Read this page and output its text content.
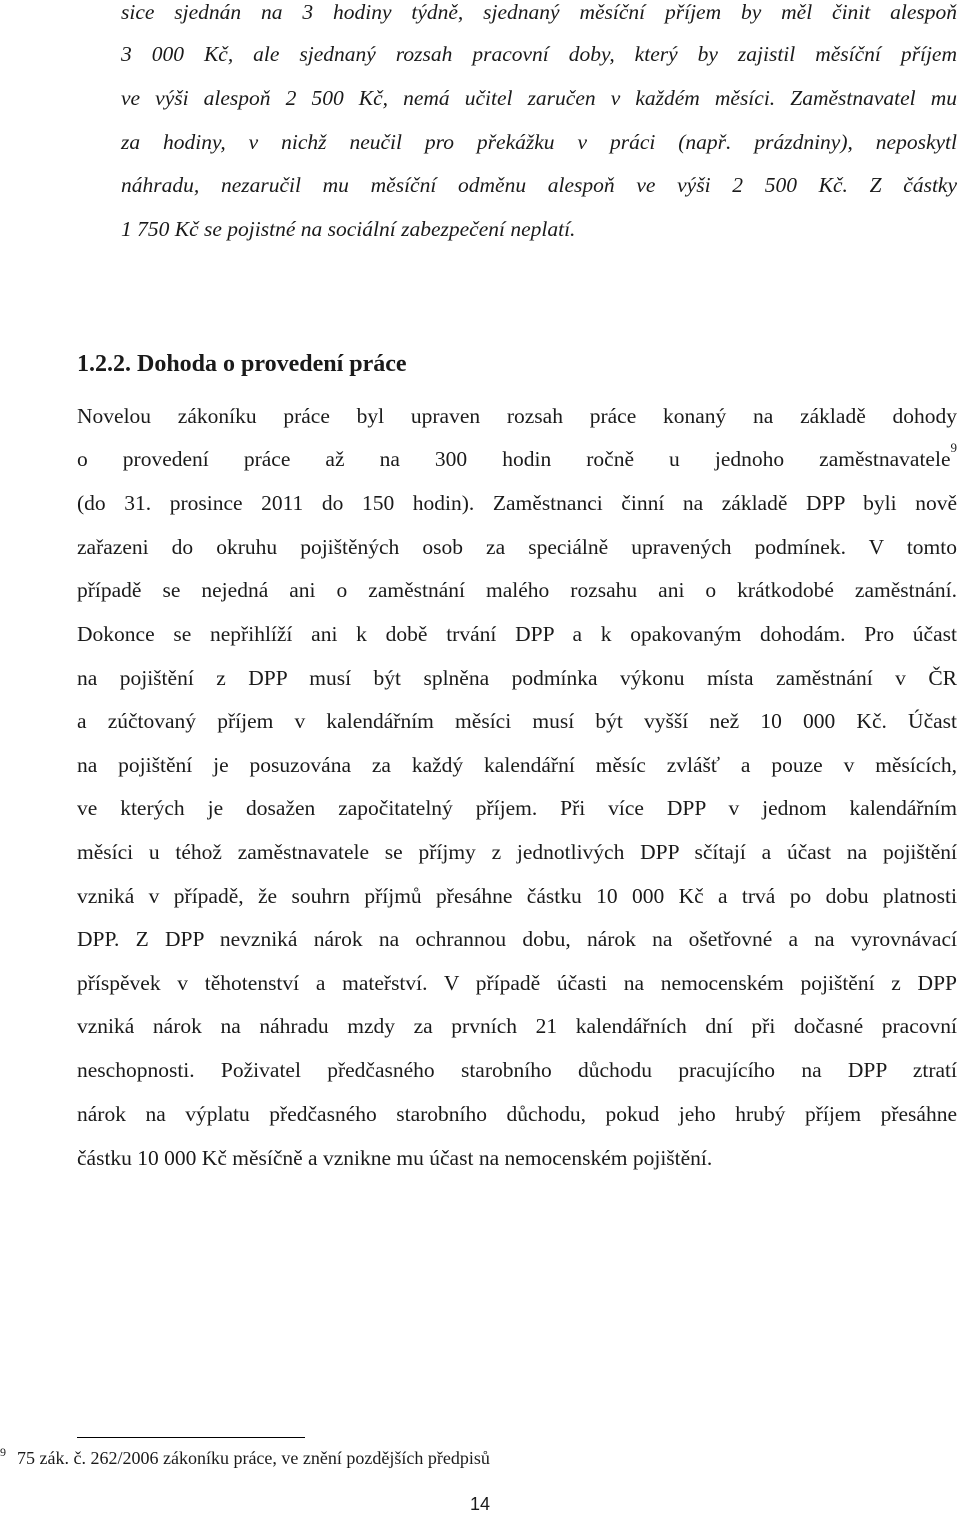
sice sjednán na 3 hodiny týdně, sjednaný měsíční příjem by měl činit alespoň

3 000 Kč, ale sjednaný rozsah pracovní doby, který by zajistil měsíční příjem

ve výši alespoň 2 500 Kč, nemá učitel zaručen v každém měsíci. Zaměstnavatel mu

za hodiny, v nichž neučil pro překážku v práci (např. prázdniny), neposkytl

náhradu, nezaručil mu měsíční odměnu alespoň ve výši 2 500 Kč. Z částky

1 750 Kč se pojistné na sociální zabezpečení neplatí.

1.2.2. Dohoda o provedení práce

Novelou zákoníku práce byl upraven rozsah práce konaný na základě dohody

o provedení práce až na 300 hodin ročně u jednoho zaměstnavatele$^9$

(do 31. prosince 2011 do 150 hodin). Zaměstnanci činní na základě DPP byli nově

zařazeni do okruhu pojištěných osob za speciálně upravených podmínek. V tomto

případě se nejedná ani o zaměstnání malého rozsahu ani o krátkodobé zaměstnání.

Dokonce se nepřihlíží ani k době trvání DPP a k opakovaným dohodám. Pro účast

na pojištění z DPP musí být splněna podmínka výkonu místa zaměstnání v ČR

a zúčtovaný příjem v kalendářním měsíci musí být vyšší než 10 000 Kč. Účast

na pojištění je posuzována za každý kalendářní měsíc zvlášť a pouze v měsících,

ve kterých je dosažen započitatelný příjem. Při více DPP v jednom kalendářním

měsíci u téhož zaměstnavatele se příjmy z jednotlivých DPP sčítají a účast na pojištění

vzniká v případě, že souhrn příjmů přesáhne částku 10 000 Kč a trvá po dobu platnosti

DPP. Z DPP nevzniká nárok na ochrannou dobu, nárok na ošetřovné a na vyrovnávací

příspěvek v těhotenství a mateřství. V případě účasti na nemocenském pojištění z DPP

vzniká nárok na náhradu mzdy za prvních 21 kalendářních dní při dočasné pracovní

neschopnosti. Poživatel předčasného starobního důchodu pracujícího na DPP ztratí

nárok na výplatu předčasného starobního důchodu, pokud jeho hrubý příjem přesáhne

částku 10 000 Kč měsíčně a vznikne mu účast na nemocenském pojištění.

$^9$ 75 zák. č. 262/2006 zákoníku práce, ve znění pozdějších předpisů
14
